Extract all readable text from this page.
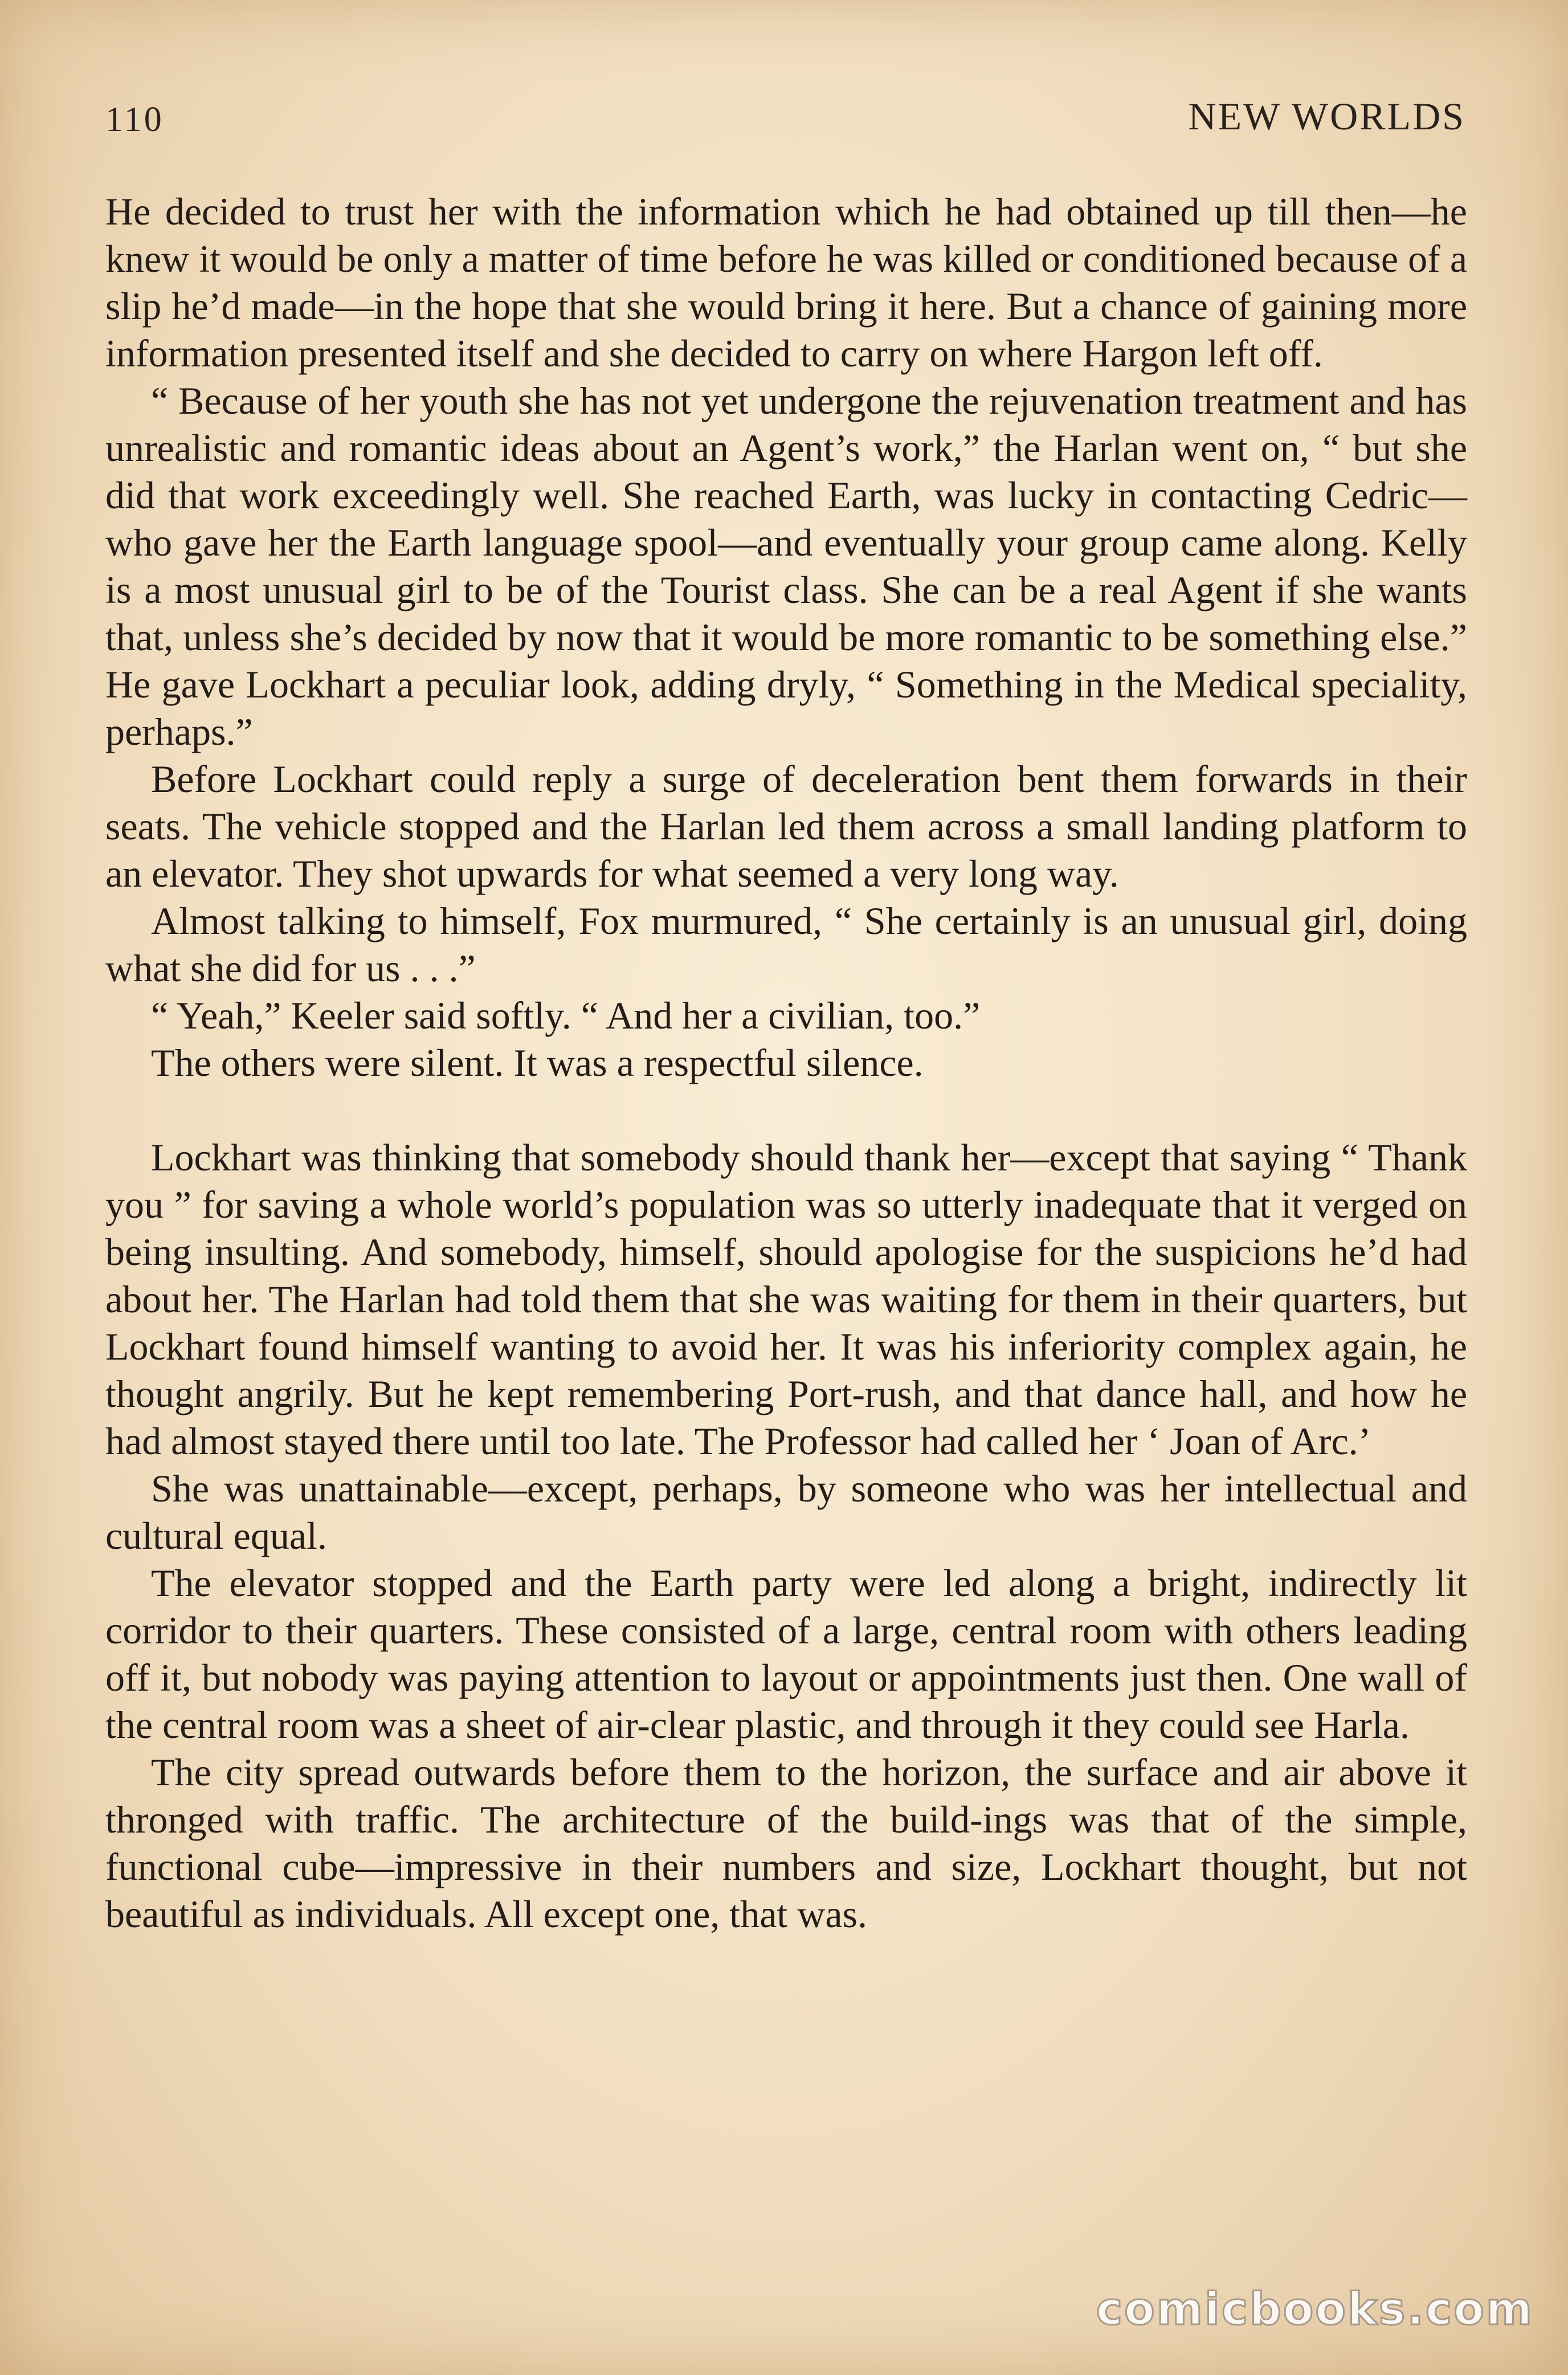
110	NEW WORLDS

He decided to trust her with the information which he had obtained up till then—he knew it would be only a matter of time before he was killed or conditioned because of a slip he’d made—in the hope that she would bring it here. But a chance of gaining more information presented itself and she decided to carry on where Hargon left off.

“ Because of her youth she has not yet undergone the rejuvenation treatment and has unrealistic and romantic ideas about an Agent’s work,” the Harlan went on, “ but she did that work exceedingly well. She reached Earth, was lucky in contacting Cedric—who gave her the Earth language spool—and eventually your group came along. Kelly is a most unusual girl to be of the Tourist class. She can be a real Agent if she wants that, unless she’s decided by now that it would be more romantic to be something else.” He gave Lockhart a peculiar look, adding dryly, “ Something in the Medical speciality, perhaps.”

Before Lockhart could reply a surge of deceleration bent them forwards in their seats. The vehicle stopped and the Harlan led them across a small landing platform to an elevator. They shot upwards for what seemed a very long way.

Almost talking to himself, Fox murmured, “ She certainly is an unusual girl, doing what she did for us . . .”

“ Yeah,” Keeler said softly. “ And her a civilian, too.”

The others were silent. It was a respectful silence.

Lockhart was thinking that somebody should thank her—except that saying “ Thank you ” for saving a whole world’s population was so utterly inadequate that it verged on being insulting. And somebody, himself, should apologise for the suspicions he’d had about her. The Harlan had told them that she was waiting for them in their quarters, but Lockhart found himself wanting to avoid her. It was his inferiority complex again, he thought angrily. But he kept remembering Port-rush, and that dance hall, and how he had almost stayed there until too late. The Professor had called her ‘ Joan of Arc.’

She was unattainable—except, perhaps, by someone who was her intellectual and cultural equal.

The elevator stopped and the Earth party were led along a bright, indirectly lit corridor to their quarters. These consisted of a large, central room with others leading off it, but nobody was paying attention to layout or appointments just then. One wall of the central room was a sheet of air-clear plastic, and through it they could see Harla.

The city spread outwards before them to the horizon, the surface and air above it thronged with traffic. The architecture of the build-ings was that of the simple, functional cube—impressive in their numbers and size, Lockhart thought, but not beautiful as individuals. All except one, that was.

comicbooks.com
